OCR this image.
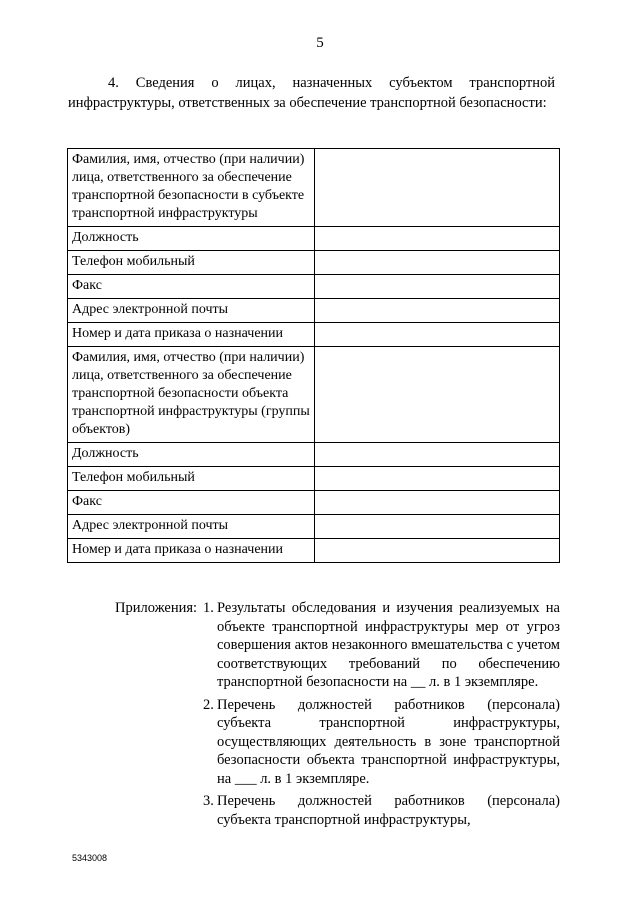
5
4. Сведения о лицах, назначенных субъектом транспортной инфраструктуры, ответственных за обеспечение транспортной безопасности:
Фамилия, имя, отчество (при наличии) лица, ответственного за обеспечение транспортной безопасности в субъекте транспортной инфраструктуры	
Должность	
Телефон мобильный	
Факс	
Адрес электронной почты	
Номер и дата приказа о назначении	
Фамилия, имя, отчество (при наличии) лица, ответственного за обеспечение транспортной безопасности объекта транспортной инфраструктуры (группы объектов)	
Должность	
Телефон мобильный	
Факс	
Адрес электронной почты	
Номер и дата приказа о назначении	
Приложения: 1. Результаты обследования и изучения реализуемых на объекте транспортной инфраструктуры мер от угроз совершения актов незаконного вмешательства с учетом соответствующих требований по обеспечению транспортной безопасности на __ л. в 1 экземпляре.
2. Перечень должностей работников (персонала) субъекта транспортной инфраструктуры, осуществляющих деятельность в зоне транспортной безопасности объекта транспортной инфраструктуры, на ___ л. в 1 экземпляре.
3. Перечень должностей работников (персонала) субъекта транспортной инфраструктуры,
5343008
